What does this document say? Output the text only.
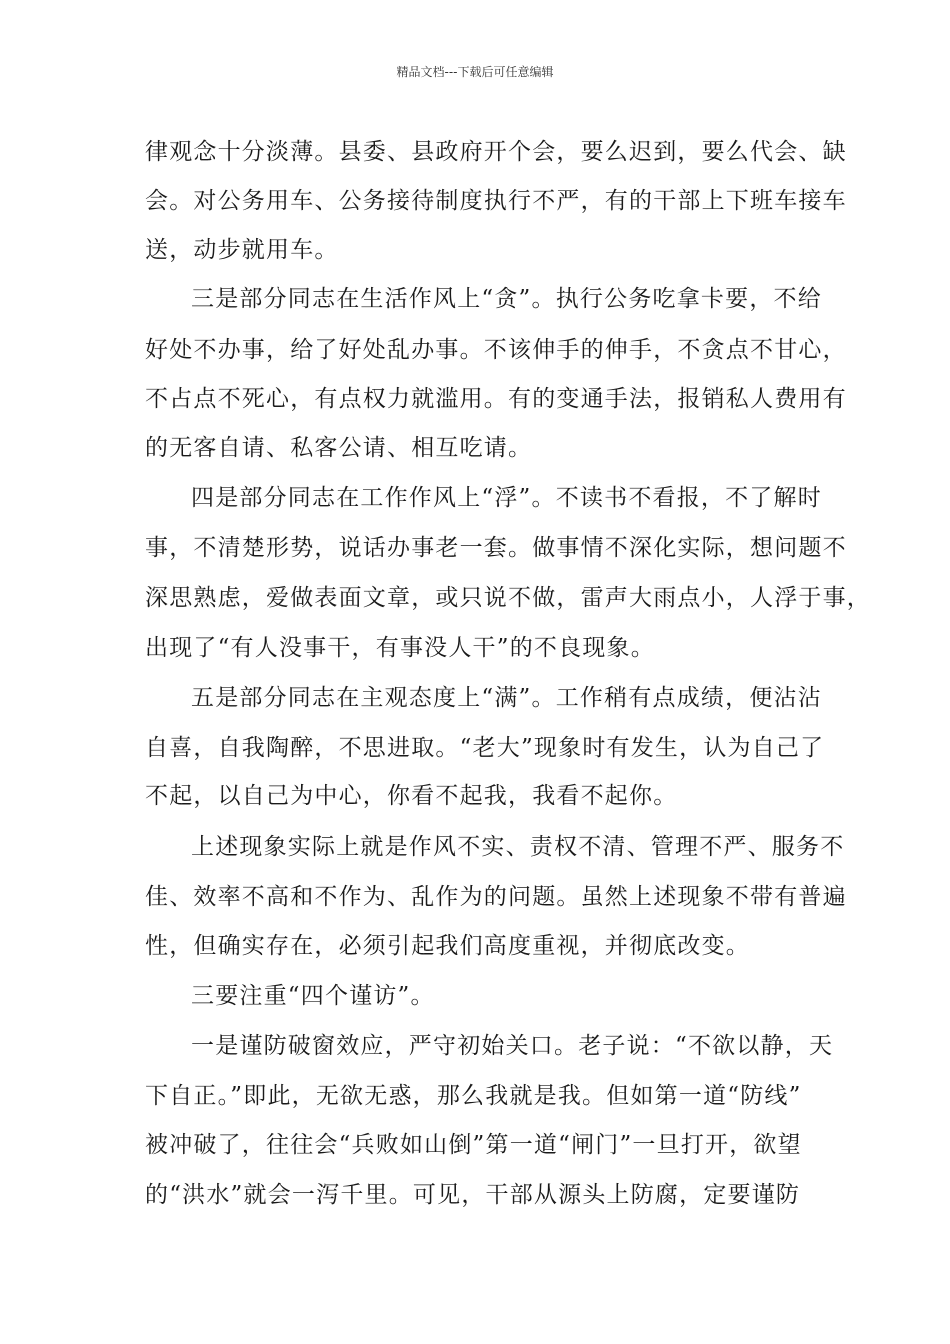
精品文档---下载后可任意编辑
律观念十分淡薄。县委、县政府开个会，要么迟到，要么代会、缺
会。对公务用车、公务接待制度执行不严，有的干部上下班车接车
送，动步就用车。
三是部分同志在生活作风上“贪”。执行公务吃拿卡要，不给
好处不办事，给了好处乱办事。不该伸手的伸手，不贪点不甘心，
不占点不死心，有点权力就滥用。有的变通手法，报销私人费用有
的无客自请、私客公请、相互吃请。
四是部分同志在工作作风上“浮”。不读书不看报，不了解时
事，不清楚形势，说话办事老一套。做事情不深化实际，想问题不
深思熟虑，爱做表面文章，或只说不做，雷声大雨点小，人浮于事，
出现了“有人没事干，有事没人干”的不良现象。
五是部分同志在主观态度上“满”。工作稍有点成绩，便沾沾
自喜，自我陶醉，不思进取。“老大”现象时有发生，认为自己了
不起，以自己为中心，你看不起我，我看不起你。
上述现象实际上就是作风不实、责权不清、管理不严、服务不
佳、效率不高和不作为、乱作为的问题。虽然上述现象不带有普遍
性，但确实存在，必须引起我们高度重视，并彻底改变。
三要注重“四个谨访”。
一是谨防破窗效应，严守初始关口。老子说：“不欲以静，天
下自正。”即此，无欲无惑，那么我就是我。但如第一道“防线”
被冲破了，往往会“兵败如山倒”第一道“闸门”一旦打开，欲望
的“洪水”就会一泻千里。可见，干部从源头上防腐，定要谨防
